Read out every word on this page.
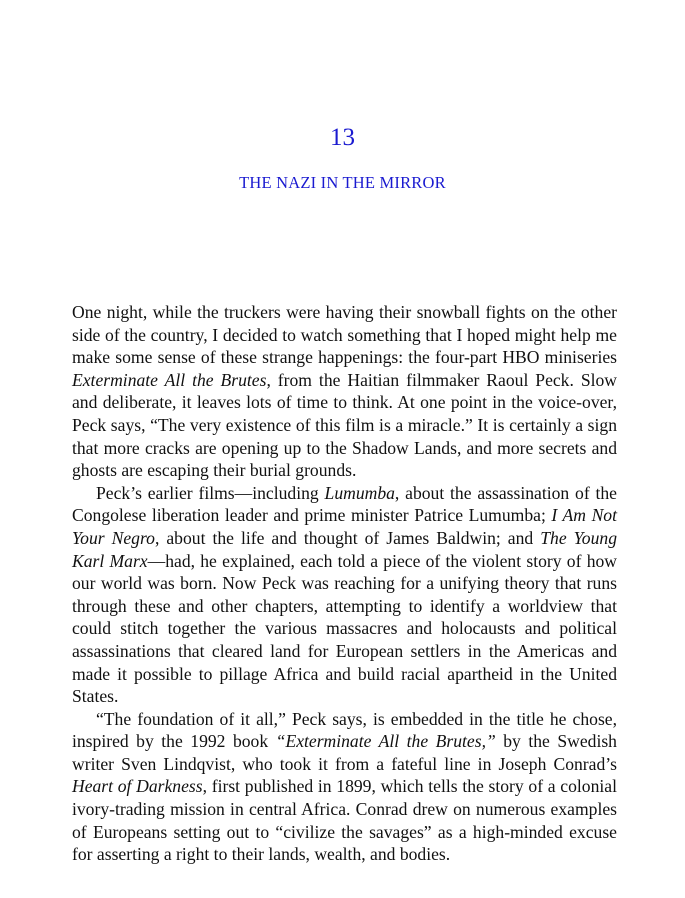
13
THE NAZI IN THE MIRROR

One night, while the truckers were having their snowball fights on the other side of the country, I decided to watch something that I hoped might help me make some sense of these strange happenings: the four-part HBO miniseries Exterminate All the Brutes, from the Haitian filmmaker Raoul Peck. Slow and deliberate, it leaves lots of time to think. At one point in the voice-over, Peck says, “The very existence of this film is a miracle.” It is certainly a sign that more cracks are opening up to the Shadow Lands, and more secrets and ghosts are escaping their burial grounds.

Peck’s earlier films—including Lumumba, about the assassination of the Congolese liberation leader and prime minister Patrice Lumumba; I Am Not Your Negro, about the life and thought of James Baldwin; and The Young Karl Marx—had, he explained, each told a piece of the violent story of how our world was born. Now Peck was reaching for a unifying theory that runs through these and other chapters, attempting to identify a worldview that could stitch together the various massacres and holocausts and political assassinations that cleared land for European settlers in the Americas and made it possible to pillage Africa and build racial apartheid in the United States.

“The foundation of it all,” Peck says, is embedded in the title he chose, inspired by the 1992 book “Exterminate All the Brutes,” by the Swedish writer Sven Lindqvist, who took it from a fateful line in Joseph Conrad’s Heart of Darkness, first published in 1899, which tells the story of a colonial ivory-trading mission in central Africa. Conrad drew on numerous examples of Europeans setting out to “civilize the savages” as a high-minded excuse for asserting a right to their lands, wealth, and bodies.
